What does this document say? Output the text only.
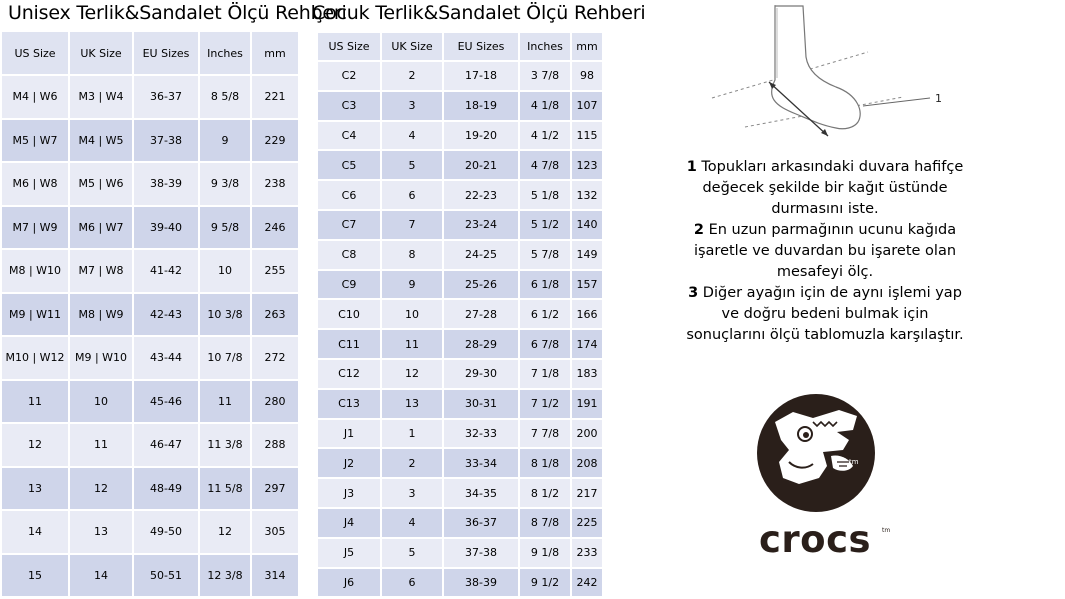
Unisex Terlik&Sandalet Ölçü Rehberi
Çocuk Terlik&Sandalet Ölçü Rehberi
US Size	UK Size	EU Sizes	Inches	mm
M4 | W6	M3 | W4	36-37	8 5/8	221
M5 | W7	M4 | W5	37-38	9	229
M6 | W8	M5 | W6	38-39	9 3/8	238
M7 | W9	M6 | W7	39-40	9 5/8	246
M8 | W10	M7 | W8	41-42	10	255
M9 | W11	M8 | W9	42-43	10 3/8	263
M10 | W12	M9 | W10	43-44	10 7/8	272
11	10	45-46	11	280
12	11	46-47	11 3/8	288
13	12	48-49	11 5/8	297
14	13	49-50	12	305
15	14	50-51	12 3/8	314
US Size	UK Size	EU Sizes	Inches	mm
C2	2	17-18	3 7/8	98
C3	3	18-19	4 1/8	107
C4	4	19-20	4 1/2	115
C5	5	20-21	4 7/8	123
C6	6	22-23	5 1/8	132
C7	7	23-24	5 1/2	140
C8	8	24-25	5 7/8	149
C9	9	25-26	6 1/8	157
C10	10	27-28	6 1/2	166
C11	11	28-29	6 7/8	174
C12	12	29-30	7 1/8	183
C13	13	30-31	7 1/2	191
J1	1	32-33	7 7/8	200
J2	2	33-34	8 1/8	208
J3	3	34-35	8 1/2	217
J4	4	36-37	8 7/8	225
J5	5	37-38	9 1/8	233
J6	6	38-39	9 1/2	242
1
1 Topukları arkasındaki duvara hafifçe değecek şekilde bir kağıt üstünde durmasını iste.
2 En uzun parmağının ucunu kağıda işaretle ve duvardan bu işarete olan mesafeyi ölç.
3 Diğer ayağın için de aynı işlemi yap ve doğru bedeni bulmak için sonuçlarını ölçü tablomuzla karşılaştır.
tm
crocs tm
